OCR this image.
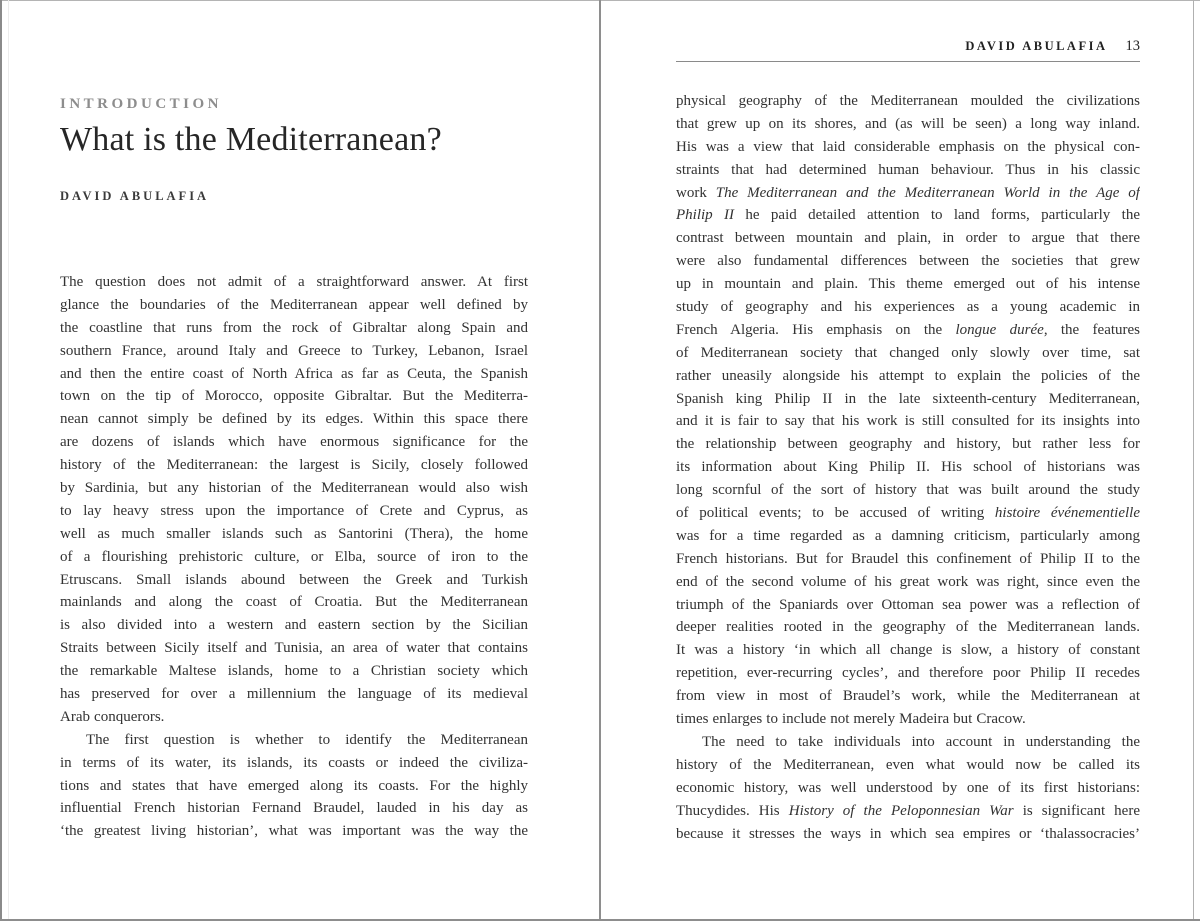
INTRODUCTION
What is the Mediterranean?
DAVID ABULAFIA
The question does not admit of a straightforward answer. At first
glance the boundaries of the Mediterranean appear well defined by
the coastline that runs from the rock of Gibraltar along Spain and
southern France, around Italy and Greece to Turkey, Lebanon, Israel
and then the entire coast of North Africa as far as Ceuta, the Spanish
town on the tip of Morocco, opposite Gibraltar. But the Mediterra-
nean cannot simply be defined by its edges. Within this space there
are dozens of islands which have enormous significance for the
history of the Mediterranean: the largest is Sicily, closely followed
by Sardinia, but any historian of the Mediterranean would also wish
to lay heavy stress upon the importance of Crete and Cyprus, as
well as much smaller islands such as Santorini (Thera), the home
of a flourishing prehistoric culture, or Elba, source of iron to the
Etruscans. Small islands abound between the Greek and Turkish
mainlands and along the coast of Croatia. But the Mediterranean
is also divided into a western and eastern section by the Sicilian
Straits between Sicily itself and Tunisia, an area of water that contains
the remarkable Maltese islands, home to a Christian society which
has preserved for over a millennium the language of its medieval
Arab conquerors.
The first question is whether to identify the Mediterranean
in terms of its water, its islands, its coasts or indeed the civiliza-
tions and states that have emerged along its coasts. For the highly
influential French historian Fernand Braudel, lauded in his day as
‘the greatest living historian’, what was important was the way the
DAVID ABULAFIA 13
physical geography of the Mediterranean moulded the civilizations
that grew up on its shores, and (as will be seen) a long way inland.
His was a view that laid considerable emphasis on the physical con-
straints that had determined human behaviour. Thus in his classic
work The Mediterranean and the Mediterranean World in the Age of
Philip II he paid detailed attention to land forms, particularly the
contrast between mountain and plain, in order to argue that there
were also fundamental differences between the societies that grew
up in mountain and plain. This theme emerged out of his intense
study of geography and his experiences as a young academic in
French Algeria. His emphasis on the longue durée, the features
of Mediterranean society that changed only slowly over time, sat
rather uneasily alongside his attempt to explain the policies of the
Spanish king Philip II in the late sixteenth-century Mediterranean,
and it is fair to say that his work is still consulted for its insights into
the relationship between geography and history, but rather less for
its information about King Philip II. His school of historians was
long scornful of the sort of history that was built around the study
of political events; to be accused of writing histoire événementielle
was for a time regarded as a damning criticism, particularly among
French historians. But for Braudel this confinement of Philip II to the
end of the second volume of his great work was right, since even the
triumph of the Spaniards over Ottoman sea power was a reflection of
deeper realities rooted in the geography of the Mediterranean lands.
It was a history ‘in which all change is slow, a history of constant
repetition, ever-recurring cycles’, and therefore poor Philip II recedes
from view in most of Braudel’s work, while the Mediterranean at
times enlarges to include not merely Madeira but Cracow.
The need to take individuals into account in understanding the
history of the Mediterranean, even what would now be called its
economic history, was well understood by one of its first historians:
Thucydides. His History of the Peloponnesian War is significant here
because it stresses the ways in which sea empires or ‘thalassocracies’
